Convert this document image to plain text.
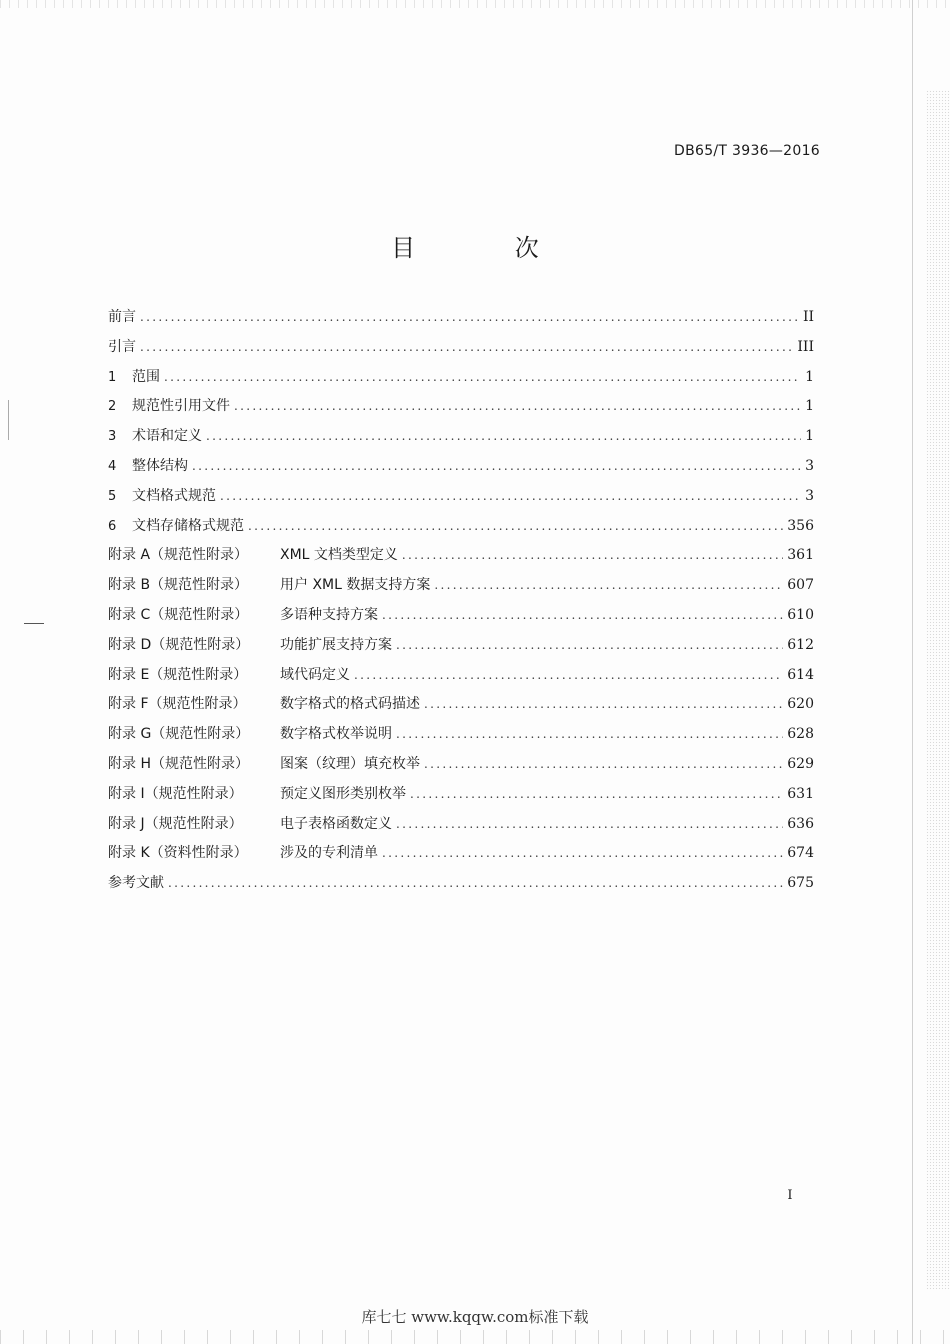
DB65/T 3936—2016
目 次
前言 .....	II
引言 .....	III
1	范围 .....	1
2	规范性引用文件 .....	1
3	术语和定义 .....	1
4	整体结构 .....	3
5	文档格式规范 .....	3
6	文档存储格式规范 .....	356
附录 A（规范性附录）	XML 文档类型定义 .....	361
附录 B（规范性附录）	用户 XML 数据支持方案 .....	607
附录 C（规范性附录）	多语种支持方案 .....	610
附录 D（规范性附录）	功能扩展支持方案 .....	612
附录 E（规范性附录）	域代码定义 .....	614
附录 F（规范性附录）	数字格式的格式码描述 .....	620
附录 G（规范性附录）	数字格式枚举说明 .....	628
附录 H（规范性附录）	图案（纹理）填充枚举 .....	629
附录 I（规范性附录）	预定义图形类别枚举 .....	631
附录 J（规范性附录）	电子表格函数定义 .....	636
附录 K（资料性附录）	涉及的专利清单 .....	674
参考文献 .....	675
I
库七七 www.kqqw.com标准下载
